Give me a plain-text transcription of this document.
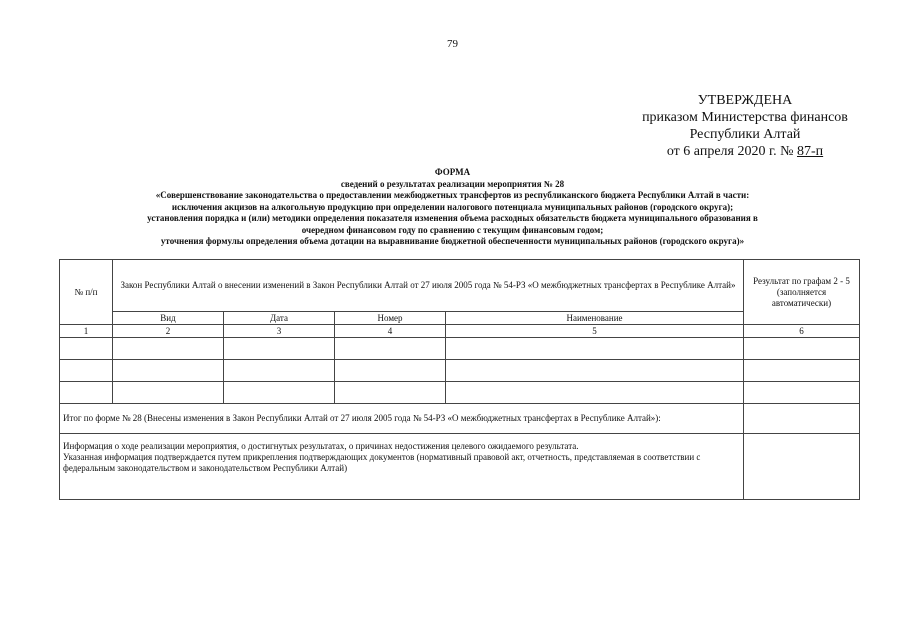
79
УТВЕРЖДЕНА
приказом Министерства финансов
Республики Алтай
от 6 апреля 2020 г. № 87-п
ФОРМА
сведений о результатах реализации мероприятия № 28
«Совершенствование законодательства о предоставлении межбюджетных трансфертов из республиканского бюджета Республики Алтай в части:
исключения акцизов на алкогольную продукцию при определении налогового потенциала муниципальных районов (городского округа);
установления порядка и (или) методики определения показателя изменения объема расходных обязательств бюджета муниципального образования в
очередном финансовом году по сравнению с текущим финансовым годом;
уточнения формулы определения объема дотации на выравнивание бюджетной обеспеченности муниципальных районов (городского округа)»
№ п/п	Закон Республики Алтай о внесении изменений в Закон Республики Алтай от 27 июля 2005 года № 54-РЗ «О межбюджетных трансфертах в Республике Алтай»				Результат по графам 2 - 5 (заполняется автоматически)
	Вид	Дата	Номер	Наименование	
1	2	3	4	5	6

Итог по форме № 28 (Внесены изменения в Закон Республики Алтай от 27 июля 2005 года № 54-РЗ «О межбюджетных трансфертах в Республике Алтай»):					

Информация о ходе реализации мероприятия, о достигнутых результатах, о причинах недостижения целевого ожидаемого результата.
Указанная информация подтверждается путем прикрепления подтверждающих документов (нормативный правовой акт, отчетность, представляемая в соответствии с федеральным законодательством и законодательством Республики Алтай)					
